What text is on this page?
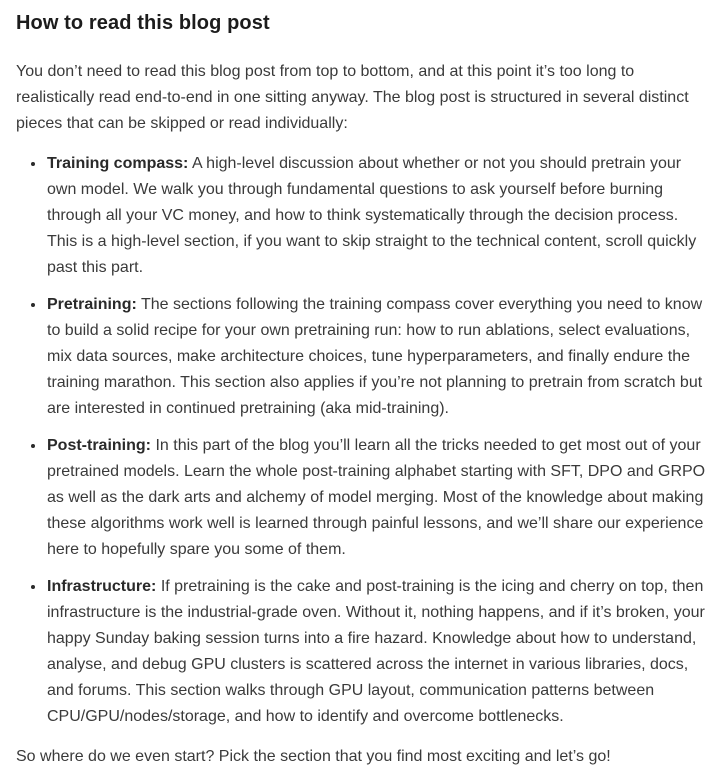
How to read this blog post

You don’t need to read this blog post from top to bottom, and at this point it’s too long to realistically read end-to-end in one sitting anyway. The blog post is structured in several distinct pieces that can be skipped or read individually:

• Training compass: A high-level discussion about whether or not you should pretrain your own model. We walk you through fundamental questions to ask yourself before burning through all your VC money, and how to think systematically through the decision process. This is a high-level section, if you want to skip straight to the technical content, scroll quickly past this part.
• Pretraining: The sections following the training compass cover everything you need to know to build a solid recipe for your own pretraining run: how to run ablations, select evaluations, mix data sources, make architecture choices, tune hyperparameters, and finally endure the training marathon. This section also applies if you’re not planning to pretrain from scratch but are interested in continued pretraining (aka mid-training).
• Post-training: In this part of the blog you’ll learn all the tricks needed to get most out of your pretrained models. Learn the whole post-training alphabet starting with SFT, DPO and GRPO as well as the dark arts and alchemy of model merging. Most of the knowledge about making these algorithms work well is learned through painful lessons, and we’ll share our experience here to hopefully spare you some of them.
• Infrastructure: If pretraining is the cake and post-training is the icing and cherry on top, then infrastructure is the industrial-grade oven. Without it, nothing happens, and if it’s broken, your happy Sunday baking session turns into a fire hazard. Knowledge about how to understand, analyse, and debug GPU clusters is scattered across the internet in various libraries, docs, and forums. This section walks through GPU layout, communication patterns between CPU/GPU/nodes/storage, and how to identify and overcome bottlenecks.

So where do we even start? Pick the section that you find most exciting and let’s go!
